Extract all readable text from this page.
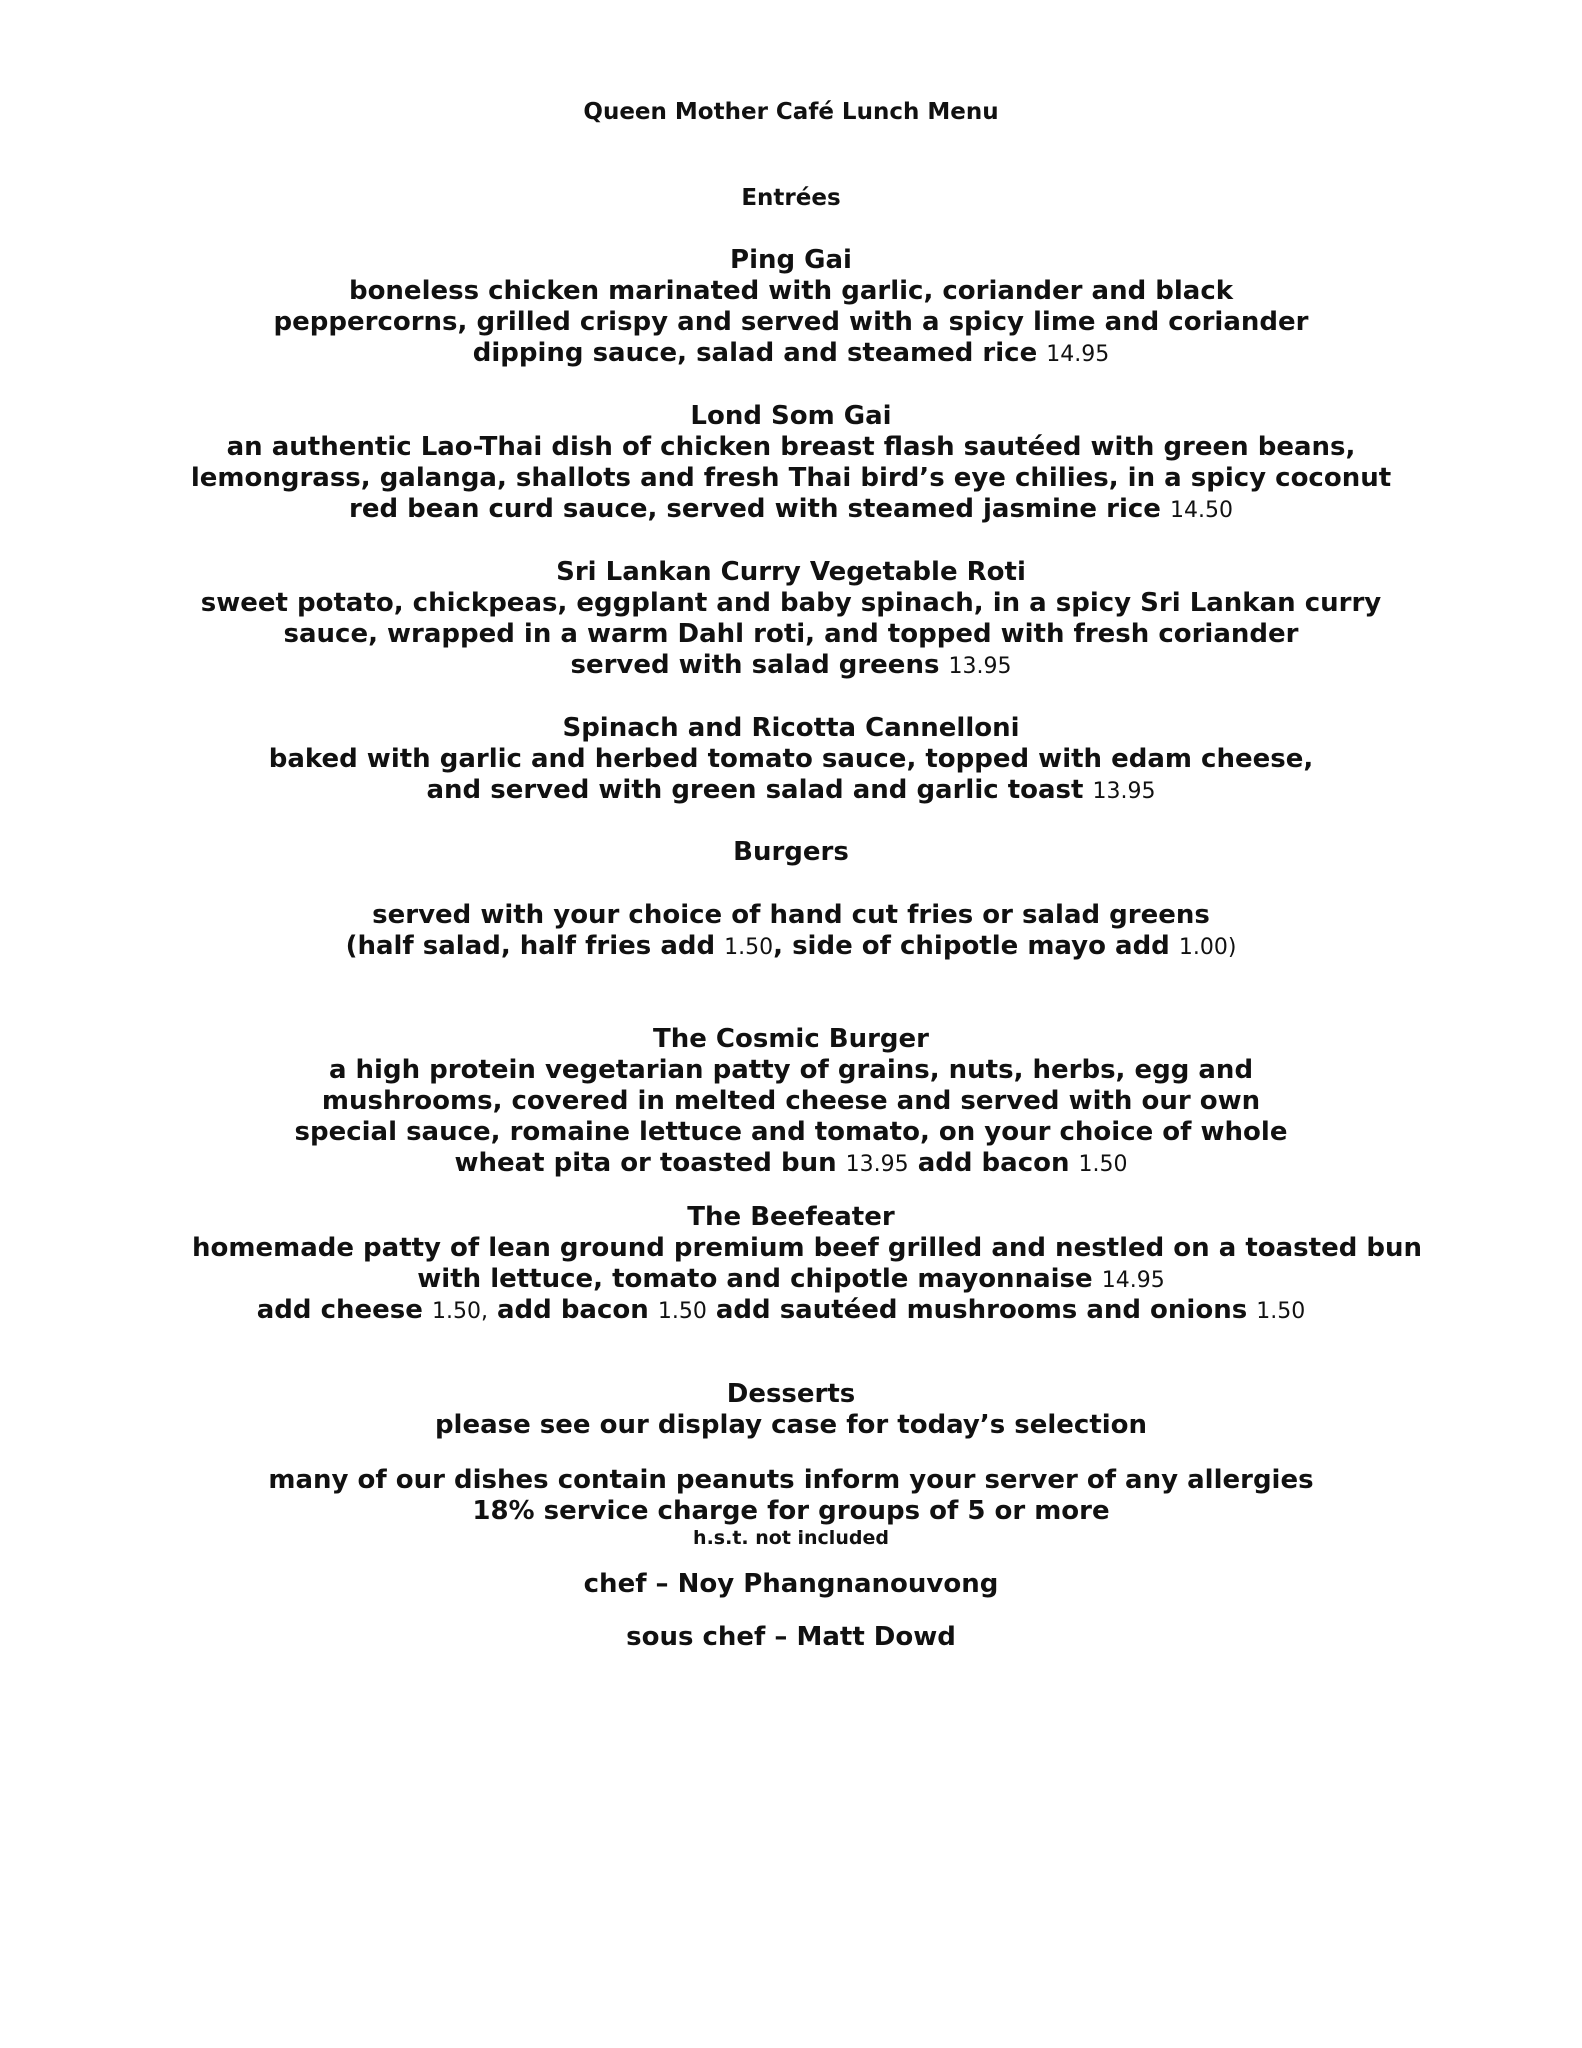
Queen Mother Café Lunch Menu
Entrées
Ping Gai
boneless chicken marinated with garlic, coriander and black
peppercorns, grilled crispy and served with a spicy lime and coriander
dipping sauce, salad and steamed rice 14.95
Lond Som Gai
an authentic Lao-Thai dish of chicken breast flash sautéed with green beans,
lemongrass, galanga, shallots and fresh Thai bird’s eye chilies, in a spicy coconut
red bean curd sauce, served with steamed jasmine rice 14.50
Sri Lankan Curry Vegetable Roti
sweet potato, chickpeas, eggplant and baby spinach, in a spicy Sri Lankan curry
sauce, wrapped in a warm Dahl roti, and topped with fresh coriander
served with salad greens 13.95
Spinach and Ricotta Cannelloni
baked with garlic and herbed tomato sauce, topped with edam cheese,
and served with green salad and garlic toast 13.95
Burgers
served with your choice of hand cut fries or salad greens
(half salad, half fries add 1.50, side of chipotle mayo add 1.00)
The Cosmic Burger
a high protein vegetarian patty of grains, nuts, herbs, egg and
mushrooms, covered in melted cheese and served with our own
special sauce, romaine lettuce and tomato, on your choice of whole
wheat pita or toasted bun 13.95 add bacon 1.50
The Beefeater
homemade patty of lean ground premium beef grilled and nestled on a toasted bun
with lettuce, tomato and chipotle mayonnaise 14.95
add cheese 1.50, add bacon 1.50 add sautéed mushrooms and onions 1.50
Desserts
please see our display case for today’s selection
many of our dishes contain peanuts inform your server of any allergies
18% service charge for groups of 5 or more
h.s.t. not included
chef – Noy Phangnanouvong
sous chef – Matt Dowd
